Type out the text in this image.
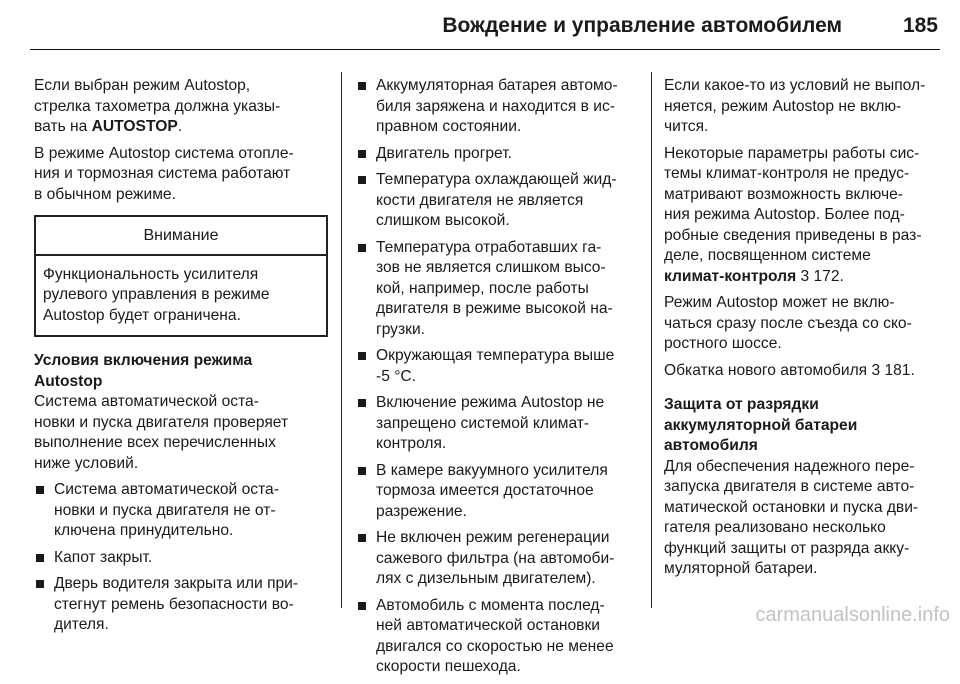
Вождение и управление автомобилем	185
Если выбран режим Autostop,
стрелка тахометра должна указы-
вать на AUTOSTOP.
В режиме Autostop система отопле-
ния и тормозная система работают
в обычном режиме.
Внимание
Функциональность усилителя
рулевого управления в режиме
Autostop будет ограничена.
Условия включения режима
Autostop
Система автоматической оста-
новки и пуска двигателя проверяет
выполнение всех перечисленных
ниже условий.
Система автоматической оста-
новки и пуска двигателя не от-
ключена принудительно.
Капот закрыт.
Дверь водителя закрыта или при-
стегнут ремень безопасности во-
дителя.
Аккумуляторная батарея автомо-
биля заряжена и находится в ис-
правном состоянии.
Двигатель прогрет.
Температура охлаждающей жид-
кости двигателя не является
слишком высокой.
Температура отработавших га-
зов не является слишком высо-
кой, например, после работы
двигателя в режиме высокой на-
грузки.
Окружающая температура выше
-5 °C.
Включение режима Autostop не
запрещено системой климат-
контроля.
В камере вакуумного усилителя
тормоза имеется достаточное
разрежение.
Не включен режим регенерации
сажевого фильтра (на автомоби-
лях с дизельным двигателем).
Автомобиль с момента послед-
ней автоматической остановки
двигался со скоростью не менее
скорости пешехода.
Если какое-то из условий не выпол-
няется, режим Autostop не вклю-
чится.
Некоторые параметры работы сис-
темы климат-контроля не предус-
матривают возможность включе-
ния режима Autostop. Более под-
робные сведения приведены в раз-
деле, посвященном системе
климат-контроля 3 172.
Режим Autostop может не вклю-
чаться сразу после съезда со ско-
ростного шоссе.
Обкатка нового автомобиля 3 181.
Защита от разрядки
аккумуляторной батареи
автомобиля
Для обеспечения надежного пере-
запуска двигателя в системе авто-
матической остановки и пуска дви-
гателя реализовано несколько
функций защиты от разряда акку-
муляторной батареи.
carmanualsonline.info
